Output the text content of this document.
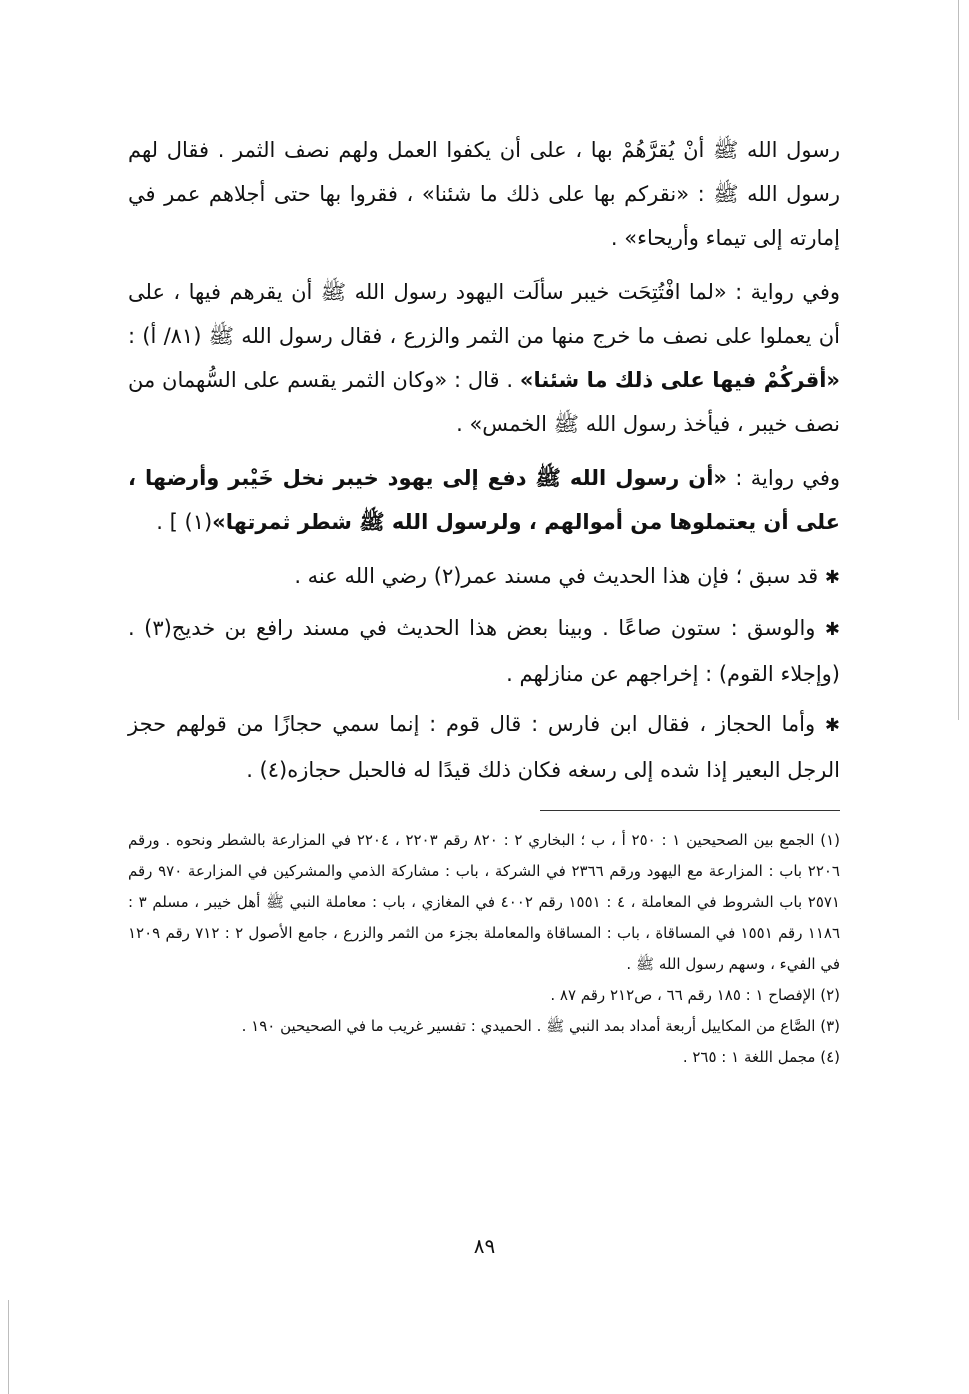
رسول الله ﷺ أنْ يُقرَّهُمْ بها ، على أن يكفوا العمل ولهم نصف الثمر . فقال لهم رسول الله ﷺ : «نقركم بها على ذلك ما شئنا» ، فقروا بها حتى أجلاهم عمر في إمارته إلى تيماء وأريحاء» .

وفي رواية : «لما افْتُتِحَت خيبر سألَت اليهود رسول الله ﷺ أن يقرهم فيها ، على أن يعملوا على نصف ما خرج منها من الثمر والزرع ، فقال رسول الله ﷺ (٨١/ أ) : «أقركُمْ فيها على ذلك ما شئنا» . قال : «وكان الثمر يقسم على السُّهمان من نصف خيبر ، فيأخذ رسول الله ﷺ الخمس» .

وفي رواية : «أن رسول الله ﷺ دفع إلى يهود خيبر نخل خَيْبر وأرضها ، على أن يعتملوها من أموالهم ، ولرسول الله ﷺ شطر ثمرتها»(١) ] .

✱ قد سبق ؛ فإن هذا الحديث في مسند عمر(٢) رضي الله عنه .

✱ والوسق : ستون صاعًا . وبينا بعض هذا الحديث في مسند رافع بن خديج(٣) . (وإجلاء القوم) : إخراجهم عن منازلهم .

✱ وأما الحجاز ، فقال ابن فارس : قال قوم : إنما سمي حجازًا من قولهم حجز الرجل البعير إذا شده إلى رسغه فكان ذلك قيدًا له فالحبل حجازه(٤) .

(١) الجمع بين الصحيحين ١ : ٢٥٠ أ ، ب ؛ البخاري ٢ : ٨٢٠ رقم ٢٢٠٣ ، ٢٢٠٤ في المزارعة بالشطر ونحوه . ورقم ٢٢٠٦ باب : المزارعة مع اليهود ورقم ٢٣٦٦ في الشركة ، باب : مشاركة الذمي والمشركين في المزارعة ٩٧٠ رقم ٢٥٧١ باب الشروط في المعاملة ، ٤ : ١٥٥١ رقم ٤٠٠٢ في المغازي ، باب : معاملة النبي ﷺ أهل خيبر ، مسلم ٣ : ١١٨٦ رقم ١٥٥١ في المساقاة ، باب : المساقاة والمعاملة بجزء من الثمر والزرع ، جامع الأصول ٢ : ٧١٢ رقم ١٢٠٩ في الفيء ، وسهم رسول الله ﷺ .

(٢) الإفصاح ١ : ١٨٥ رقم ٦٦ ، ص٢١٢ رقم ٨٧ .

(٣) الصَّاع من المكاييل أربعة أمداد بمد النبي ﷺ . الحميدي : تفسير غريب ما في الصحيحين ١٩٠ .

(٤) مجمل اللغة ١ : ٢٦٥ .

٨٩
